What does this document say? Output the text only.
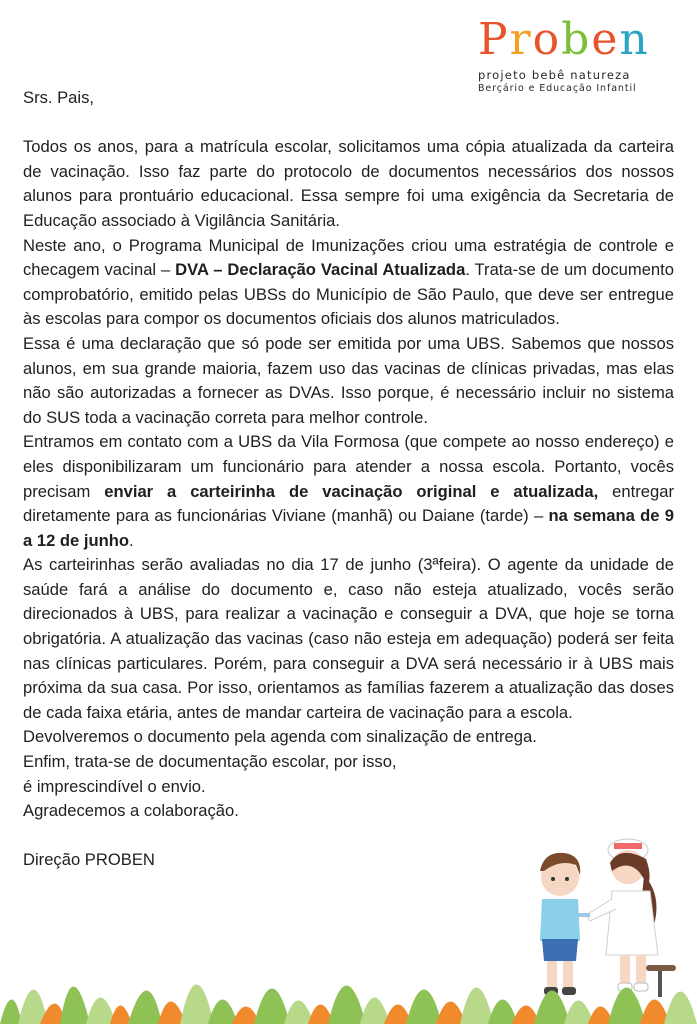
Proben
projeto bebê natureza
Berçário e Educação Infantil

Srs. Pais,

Todos os anos, para a matrícula escolar, solicitamos uma cópia atualizada da carteira de vacinação. Isso faz parte do protocolo de documentos necessários dos nossos alunos para prontuário educacional. Essa sempre foi uma exigência da Secretaria de Educação associado à Vigilância Sanitária.

Neste ano, o Programa Municipal de Imunizações criou uma estratégia de controle e checagem vacinal – DVA – Declaração Vacinal Atualizada. Trata-se de um documento comprobatório, emitido pelas UBSs do Município de São Paulo, que deve ser entregue às escolas para compor os documentos oficiais dos alunos matriculados.

Essa é uma declaração que só pode ser emitida por uma UBS. Sabemos que nossos alunos, em sua grande maioria, fazem uso das vacinas de clínicas privadas, mas elas não são autorizadas a fornecer as DVAs. Isso porque, é necessário incluir no sistema do SUS toda a vacinação correta para melhor controle.

Entramos em contato com a UBS da Vila Formosa (que compete ao nosso endereço) e eles disponibilizaram um funcionário para atender a nossa escola. Portanto, vocês precisam enviar a carteirinha de vacinação original e atualizada, entregar diretamente para as funcionárias Viviane (manhã) ou Daiane (tarde) – na semana de 9 a 12 de junho.

As carteirinhas serão avaliadas no dia 17 de junho (3ªfeira). O agente da unidade de saúde fará a análise do documento e, caso não esteja atualizado, vocês serão direcionados à UBS, para realizar a vacinação e conseguir a DVA, que hoje se torna obrigatória. A atualização das vacinas (caso não esteja em adequação) poderá ser feita nas clínicas particulares. Porém, para conseguir a DVA será necessário ir à UBS mais próxima da sua casa. Por isso, orientamos as famílias fazerem a atualização das doses de cada faixa etária, antes de mandar carteira de vacinação para a escola.

Devolveremos o documento pela agenda com sinalização de entrega.

Enfim, trata-se de documentação escolar, por isso,

é imprescindível o envio.

Agradecemos a colaboração.

Direção PROBEN
